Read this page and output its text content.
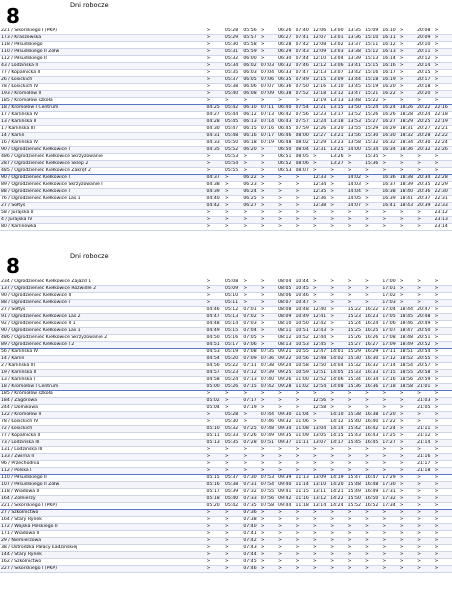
8	Dni robocze
221 / Sikorskiego I (PKP)	>	05:28	05:56	>	06:26	07:40	12:06	13:00	13:35	15:09	16:10	>	20:08	>
173 / Kraszewska	>	05:29	05:57	>	06:27	07:41	12:07	13:01	13:36	15:10	16:11	>	20:09	>
118 / Piłsudskiego	>	05:30	05:58	>	06:28	07:42	12:08	13:02	13:37	15:11	16:12	>	20:10	>
110 / Piłsudskiego II Żółw	>	05:31	05:59	>	06:29	07:43	12:09	13:03	13:38	15:12	16:13	>	20:11	>
112 / Piłsudskiego II	>	05:32	06:00	>	06:30	07:44	12:10	13:04	13:39	15:13	16:14	>	20:12	>
43 / Lodzińska II	>	05:34	06:02	07:03	06:32	07:46	12:12	13:06	13:41	15:15	16:16	>	20:14	>
77 / Kopalnicka II	>	05:35	06:03	07:04	06:33	07:47	12:13	13:07	13:42	15:16	16:17	>	20:15	>
26 / Łosickich	>	05:37	06:05	07:06	06:35	07:49	12:15	13:09	13:44	15:18	16:19	>	20:17	>
78 / Łosickich IV	>	05:38	06:06	07:07	06:36	07:50	12:16	13:10	13:45	15:19	16:20	>	20:18	>
193 / Kromołów II	>	05:40	06:08	07:09	06:38	07:52	12:18	13:12	13:47	15:21	16:22	>	20:20	>
185 / Kromołów szkoła	>	>	>	>	>	>	12:19	13:13	13:48	15:22	>	>	>	>
18 / Kromołów I Centrum	04:25	05:42	06:10	07:11	06:40	07:54	12:21	13:15	13:50	15:24	16:24	18:26	20:22	22:16
17 / Karlińska IV	04:27	05:44	06:12	07:13	06:42	07:56	12:23	13:17	13:52	15:26	16:26	18:28	20:24	22:18
13 / Karlińska II	04:28	05:45	06:13	07:14	06:43	07:57	12:24	13:18	13:53	15:27	16:27	18:29	20:25	22:19
1 / Karlińska III	04:30	05:47	06:15	07:16	06:45	07:59	12:26	13:20	13:55	15:29	16:29	18:31	20:27	22:21
14 / Karlin	04:31	05:48	06:16	07:17	06:46	08:00	12:27	13:21	13:56	15:30	16:30	18:32	20:28	22:22
16 / Karlińska IV	04:33	05:50	06:18	07:19	06:48	08:02	12:29	13:23	13:58	15:32	16:32	18:34	20:30	22:24
90 / Ogrodzieniec Kiełkowice I	04:35	05:52	06:20	>	06:50	08:04	12:31	13:25	14:00	15:34	16:34	18:36	20:32	22:26
486 / Ogrodzieniec Kiełkowice Skrzyżowanie	>	05:53	>	>	06:51	08:05	>	13:26	>	15:35	>	>	>	>
287 / Ogrodzieniec Kiełkowice Sklep 2	>	05:54	>	>	06:52	08:06	>	13:27	>	15:36	>	>	>	>
485 / Ogrodzieniec Kiełkowice Zakręt 2	>	05:55	>	>	06:53	08:07	>	>	>	>	>	>	>	>
90 / Ogrodzieniec Kiełkowice I	04:37	>	06:22	>	>	>	12:33	>	14:02	>	16:36	18:38	20:34	22:28
89 / Ogrodzieniec Kiełkowice Skrzyżowanie I	04:38	>	06:23	>	>	>	12:34	>	14:03	>	16:37	18:39	20:35	22:29
88 / Ogrodzieniec Kiełkowice I	04:39	>	06:24	>	>	>	12:35	>	14:04	>	16:38	18:40	20:36	22:30
76 / Ogrodzieniec Kiełkowice Las 1	04:40	>	06:25	>	>	>	12:36	>	14:05	>	16:39	18:41	20:37	22:31
27 / Sołtys	04:42	>	06:27	>	>	>	12:38	>	14:07	>	16:41	18:43	20:39	22:33
58 / Jurajska II	>	>	>	>	>	>	>	>	>	>	>	>	>	23:12
4 / Jurajska IV	>	>	>	>	>	>	>	>	>	>	>	>	>	23:13
80 / Karlinówka	>	>	>	>	>	>	>	>	>	>	>	>	>	23:14
8	Dni robocze
234 / Ogrodzieniec Kiełkowice Zajazd 1	>	05:08	>	>	08:04	10:44	>	>	>	>	17:00	>	>	>
137 / Ogrodzieniec Kiełkowice Rozwidle 2	>	05:09	>	>	08:05	10:45	>	>	>	>	17:01	>	>	>
90 / Ogrodzieniec Kiełkowice II	>	05:10	>	>	08:06	10:46	>	>	>	>	17:02	>	>	>
88 / Ogrodzieniec Kiełkowice I	>	05:11	>	>	08:07	10:47	>	>	>	>	17:03	>	>	>
27 / Sołtys	04:46	05:12	07:01	>	08:08	10:48	12:40	>	15:22	16:22	17:04	18:44	20:47	>
91 / Ogrodzieniec Kiełkowice Las 2	04:47	05:13	07:02	>	08:09	10:49	12:41	>	15:23	16:23	17:05	18:45	20:48	>
92 / Ogrodzieniec Kiełkowice II 1	04:48	05:14	07:03	>	08:10	10:50	12:42	>	15:24	16:24	17:06	18:46	20:49	>
90 / Ogrodzieniec Kiełkowice Las 1	04:49	05:15	07:04	>	08:11	10:51	12:43	>	15:25	16:25	17:07	18:47	20:50	>
486 / Ogrodzieniec Kiełkowice Skrzyżowanie 2	04:50	05:16	07:05	>	08:12	10:52	12:44	>	15:26	16:26	17:08	18:48	20:51	>
89 / Ogrodzieniec Kiełkowice I 2	04:51	05:17	07:06	>	08:13	10:53	12:45	>	15:27	16:27	17:09	18:49	20:52	>
56 / Karlińska IV	04:53	05:19	07:08	07:35	09:21	10:55	12:47	14:01	15:29	16:29	17:11	18:51	20:54	>
14 / Karlin	04:54	05:20	07:09	07:36	09:22	10:56	12:48	14:02	15:30	16:30	17:12	18:52	20:55	>
2 / Karlińska III	04:56	05:22	07:11	07:38	09:24	10:58	12:50	14:04	15:32	16:32	17:14	18:54	20:57	>
19 / Karlińska II	04:57	05:23	07:12	07:39	09:25	10:59	12:51	14:05	15:33	16:33	17:15	18:55	20:58	>
13 / Karlińska I	04:58	05:24	07:13	07:40	09:26	11:00	12:52	14:06	15:34	16:34	17:16	18:56	20:59	>
18 / Kromołów I Centrum	05:00	05:26	07:15	07:42	09:28	11:02	12:54	14:08	15:36	16:36	17:18	18:58	21:01	>
185 / Kromołów szkoła	>	>	>	>	>	>	>	>	>	>	>	>	>	>
184 / Zagórowa	05:02	>	07:17	>	>	>	12:56	>	>	>	>	>	21:03	>
244 / Dolnikowa	05:04	>	07:19	>	>	>	12:58	>	>	>	>	>	21:05	>
122 / Kromołów II	>	05:28	>	07:44	09:30	11:04	>	14:10	15:38	16:38	17:20	>	>	>
78 / Łosickich IV	>	05:30	>	07:46	09:32	11:06	>	14:12	15:40	16:40	17:22	>	>	>
72 / Łosickich	05:10	05:32	07:25	07:48	09:34	11:08	13:04	14:14	15:42	16:42	17:24	>	21:11	>
77 / Kopalnicka II	05:11	05:33	07:26	07:49	09:35	11:09	13:05	14:15	15:43	16:43	17:25	>	21:12	>
73 / Lodzińska III	05:13	05:35	07:28	07:51	09:37	11:11	13:07	14:17	15:45	16:45	17:27	>	21:14	>
131 / Lodzińska III	>	>	>	>	>	>	>	>	>	>	>	>	>	>
133 / Żwirna II	>	>	>	>	>	>	>	>	>	>	>	>	21:16	>
96 / Przechodnia	>	>	>	>	>	>	>	>	>	>	>	>	21:17	>
112 / Polska I	>	>	>	>	>	>	>	>	>	>	>	>	21:18	>
110 / Piłsudskiego II	05:15	05:37	07:30	07:53	09:39	11:13	13:09	14:19	15:47	16:47	17:29	>	>	>
107 / Piłsudskiego II Żółw	05:16	05:38	07:31	07:54	09:40	11:14	13:10	14:20	15:48	16:48	17:30	>	>	>
118 / Wiadowa II	05:17	05:39	07:32	07:55	09:41	11:15	13:11	14:21	15:49	16:49	17:31	>	>	>
164 / Żołnierzy	05:18	05:40	07:33	07:56	09:42	11:16	13:12	14:22	15:50	16:50	17:32	>	>	>
221 / Sikorskiego I (PKP)	05:20	05:42	07:35	07:58	09:44	11:18	13:14	14:24	15:52	16:52	17:34	>	>	>
27 / Szkolnictwo	>	>	07:36	>	>	>	>	>	>	>	>	>	>	>
164 / Stary Rynek	>	>	07:38	>	>	>	>	>	>	>	>	>	>	>
172 / Wojska Polskiego II	>	>	07:40	>	>	>	>	>	>	>	>	>	>	>
171 / Wiadowa II	>	>	07:41	>	>	>	>	>	>	>	>	>	>	>
29 / Niemierzowa	>	>	07:42	>	>	>	>	>	>	>	>	>	>	>
38 / Ostrodzka Pałacy Ładzińskiej	>	>	07:43	>	>	>	>	>	>	>	>	>	>	>
144 / Stary Rynek	>	>	07:44	>	>	>	>	>	>	>	>	>	>	>
162 / Szkolnictwo	>	>	07:45	>	>	>	>	>	>	>	>	>	>	>
227 / Sikorskiego I (PKP)	>	>	07:46	>	>	>	>	>	>	>	>	>	>	>
